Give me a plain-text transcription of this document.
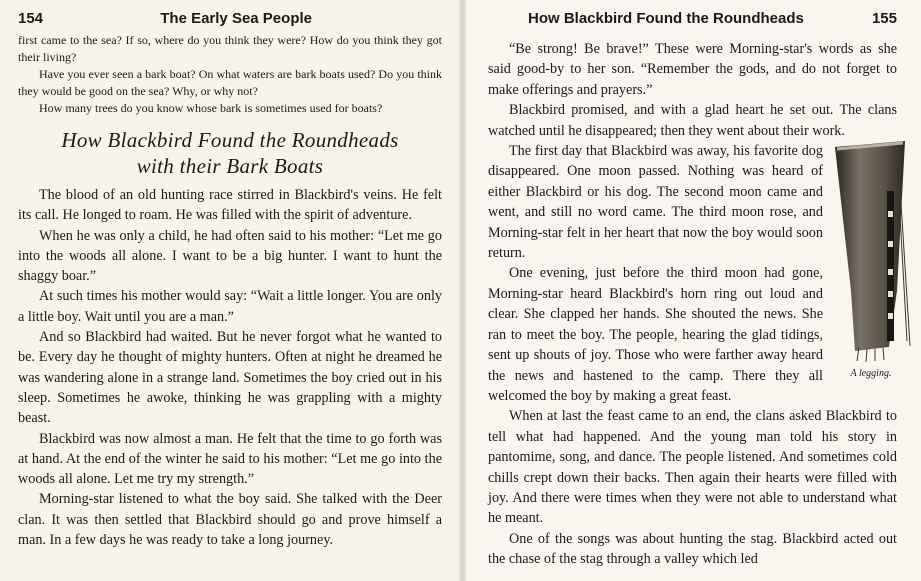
154	The Early Sea People

first came to the sea? If so, where do you think they were? How do you think they got their living?

Have you ever seen a bark boat? On what waters are bark boats used? Do you think they would be good on the sea? Why, or why not?

How many trees do you know whose bark is sometimes used for boats?

How Blackbird Found the Roundheads
with their Bark Boats

The blood of an old hunting race stirred in Blackbird's veins. He felt its call. He longed to roam. He was filled with the spirit of adventure.

When he was only a child, he had often said to his mother: “Let me go into the woods all alone. I want to be a big hunter. I want to hunt the shaggy boar.”

At such times his mother would say: “Wait a little longer. You are only a little boy. Wait until you are a man.”

And so Blackbird had waited. But he never forgot what he wanted to be. Every day he thought of mighty hunters. Often at night he dreamed he was wandering alone in a strange land. Sometimes the boy cried out in his sleep. Sometimes he awoke, thinking he was grappling with a mighty beast.

Blackbird was now almost a man. He felt that the time to go forth was at hand. At the end of the winter he said to his mother: “Let me go into the woods all alone. Let me try my strength.”

Morning-star listened to what the boy said. She talked with the Deer clan. It was then settled that Blackbird should go and prove himself a man. In a few days he was ready to take a long journey.

How Blackbird Found the Roundheads	155

“Be strong! Be brave!” These were Morning-star's words as she said good-by to her son. “Remember the gods, and do not forget to make offerings and prayers.”

Blackbird promised, and with a glad heart he set out. The clans watched until he disappeared; then they went about their work.

A legging.

The first day that Blackbird was away, his favorite dog disappeared. One moon passed. Nothing was heard of either Blackbird or his dog. The second moon came and went, and still no word came. The third moon rose, and Morning-star felt in her heart that now the boy would soon return.

One evening, just before the third moon had gone, Morning-star heard Blackbird's horn ring out loud and clear. She clapped her hands. She shouted the news. She ran to meet the boy. The people, hearing the glad tidings, sent up shouts of joy. Those who were farther away heard the news and hastened to the camp. There they all welcomed the boy by making a great feast.

When at last the feast came to an end, the clans asked Blackbird to tell what had happened. And the young man told his story in pantomime, song, and dance. The people listened. And sometimes cold chills crept down their backs. Then again their hearts were filled with joy. And there were times when they were not able to understand what he meant.

One of the songs was about hunting the stag. Blackbird acted out the chase of the stag through a valley which led
